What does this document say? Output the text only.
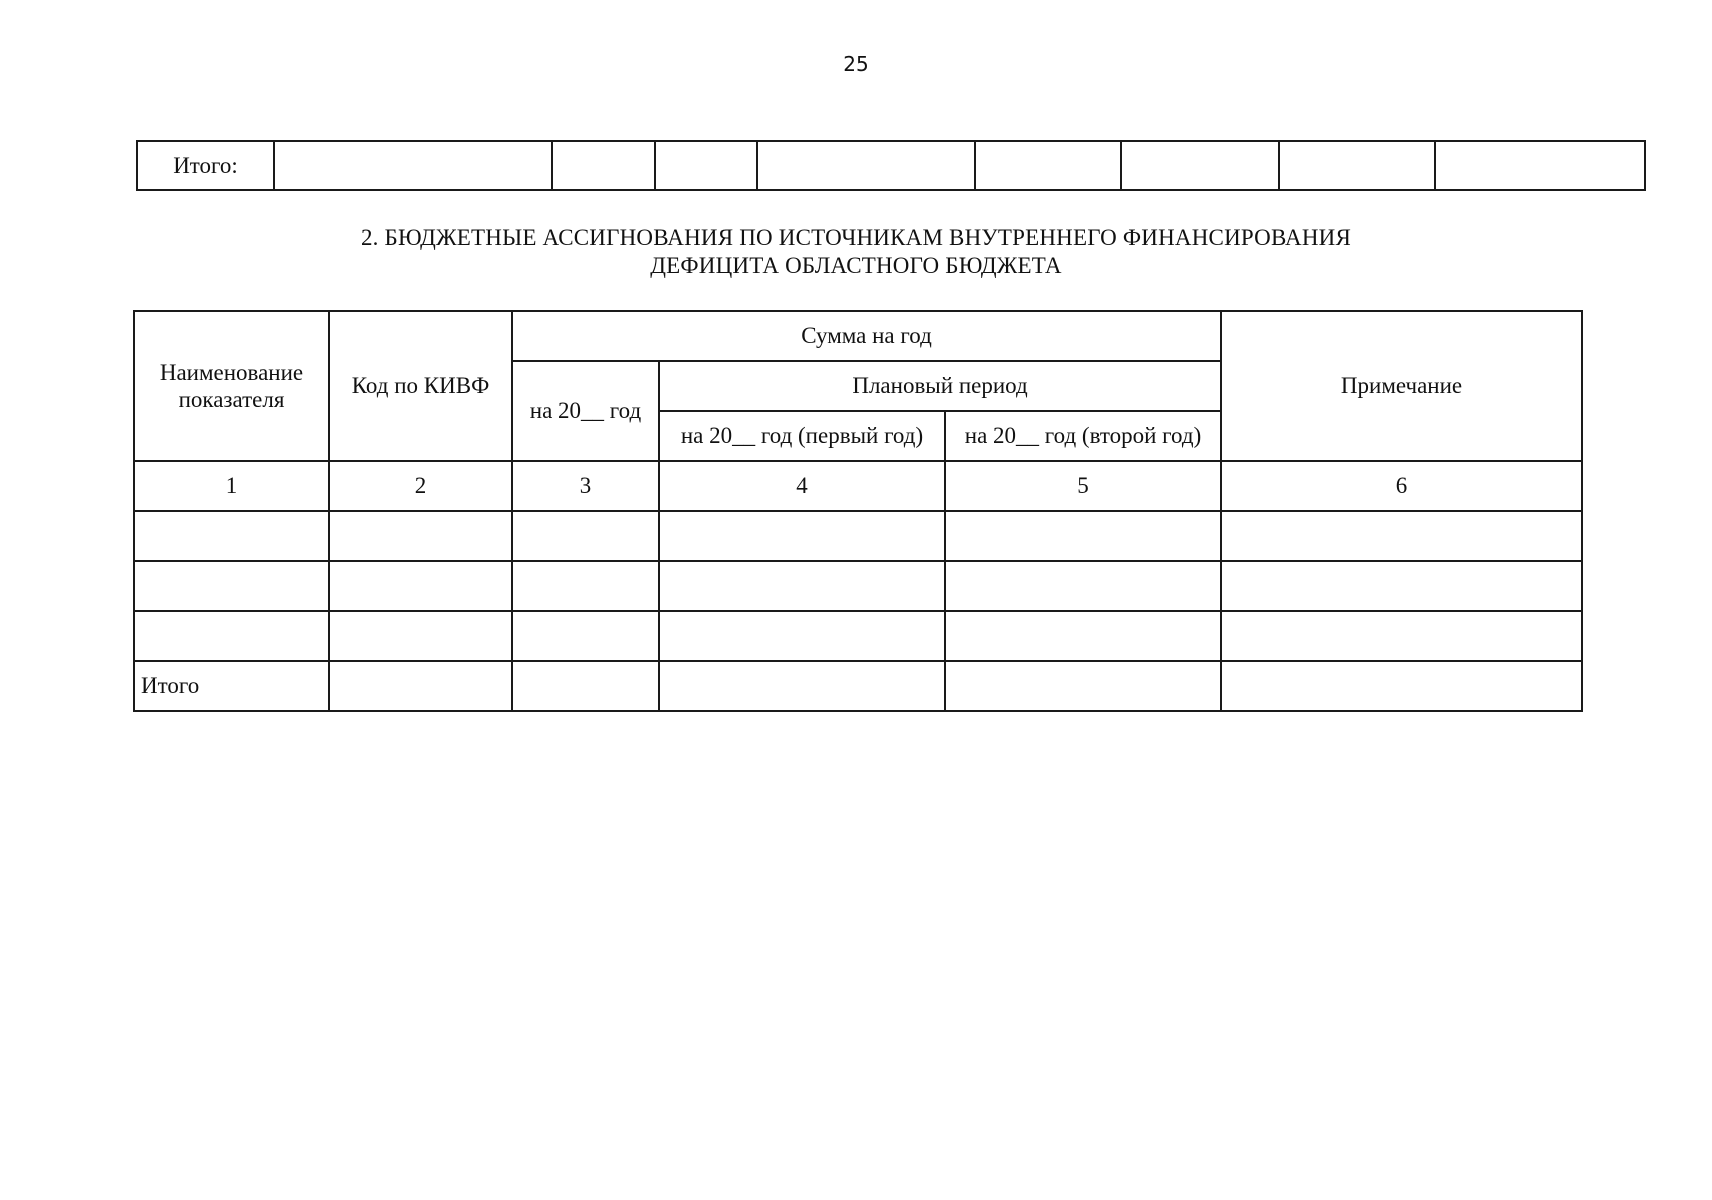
25
Итого:								
2. БЮДЖЕТНЫЕ АССИГНОВАНИЯ ПО ИСТОЧНИКАМ ВНУТРЕННЕГО ФИНАНСИРОВАНИЯ
ДЕФИЦИТА ОБЛАСТНОГО БЮДЖЕТА
Наименование показателя	Код по КИВФ	Сумма на год			Примечание
		на 20__ год	Плановый период		
			на 20__ год (первый год)	на 20__ год (второй год)	
1	2	3	4	5	6

Итого					
